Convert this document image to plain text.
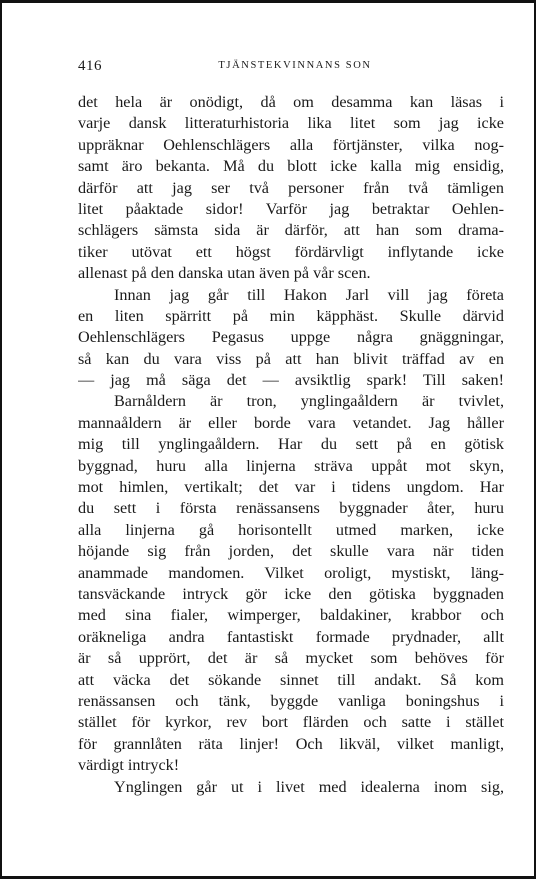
416	TJÄNSTEKVINNANS SON
det hela är onödigt, då om desamma kan läsas i
varje dansk litteraturhistoria lika litet som jag icke
uppräknar Oehlenschlägers alla förtjänster, vilka nog-
samt äro bekanta. Må du blott icke kalla mig ensidig,
därför att jag ser två personer från två tämligen
litet påaktade sidor! Varför jag betraktar Oehlen-
schlägers sämsta sida är därför, att han som drama-
tiker utövat ett högst fördärvligt inflytande icke
allenast på den danska utan även på vår scen.
Innan jag går till Hakon Jarl vill jag företa
en liten spärritt på min käpphäst. Skulle därvid
Oehlenschlägers Pegasus uppge några gnäggningar,
så kan du vara viss på att han blivit träffad av en
— jag må säga det — avsiktlig spark! Till saken!
Barnåldern är tron, ynglingaåldern är tvivlet,
mannaåldern är eller borde vara vetandet. Jag håller
mig till ynglingaåldern. Har du sett på en götisk
byggnad, huru alla linjerna sträva uppåt mot skyn,
mot himlen, vertikalt; det var i tidens ungdom. Har
du sett i första renässansens byggnader åter, huru
alla linjerna gå horisontellt utmed marken, icke
höjande sig från jorden, det skulle vara när tiden
anammade mandomen. Vilket oroligt, mystiskt, läng-
tansväckande intryck gör icke den götiska byggnaden
med sina fialer, wimperger, baldakiner, krabbor och
oräkneliga andra fantastiskt formade prydnader, allt
är så upprört, det är så mycket som behöves för
att väcka det sökande sinnet till andakt. Så kom
renässansen och tänk, byggde vanliga boningshus i
stället för kyrkor, rev bort flärden och satte i stället
för grannlåten räta linjer! Och likväl, vilket manligt,
värdigt intryck!
Ynglingen går ut i livet med idealerna inom sig,
